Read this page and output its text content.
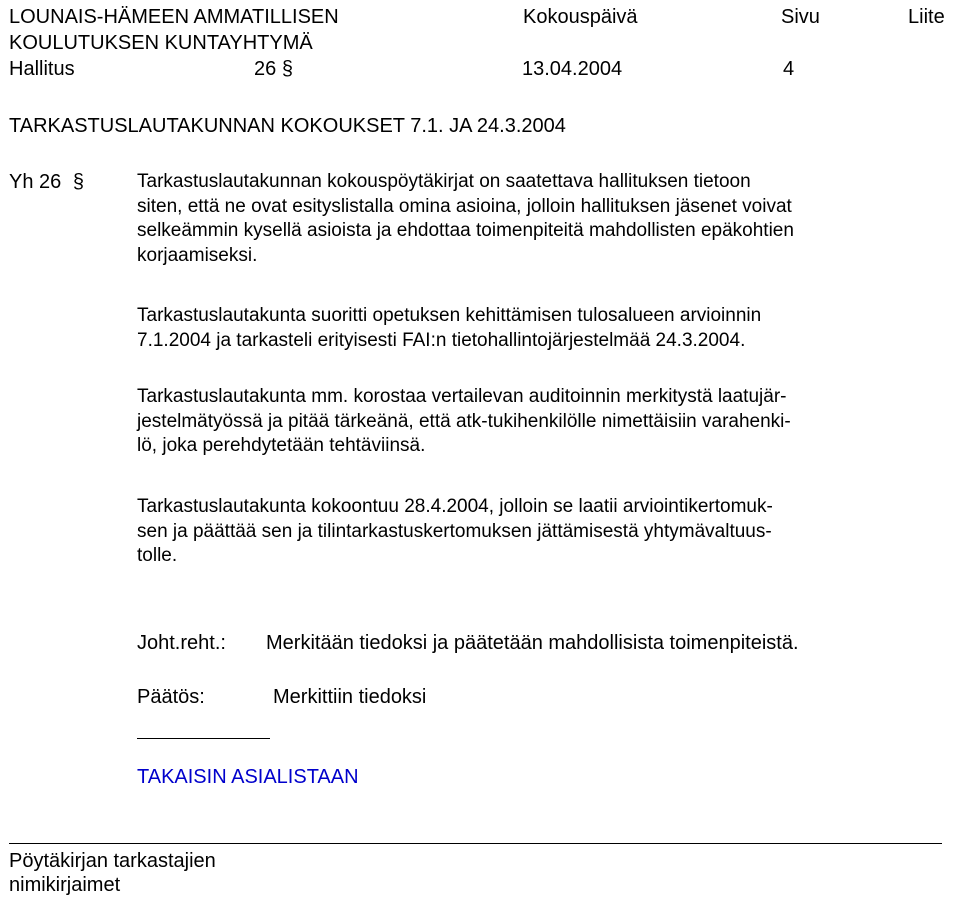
LOUNAIS-HÄMEEN AMMATILLISEN	Kokouspäivä	Sivu	Liite
KOULUTUKSEN KUNTAYHTYMÄ
Hallitus	26 §	13.04.2004	4
TARKASTUSLAUTAKUNNAN KOKOUKSET 7.1. JA 24.3.2004
Yh 26 §	Tarkastuslautakunnan kokouspöytäkirjat on saatettava hallituksen tietoon
siten, että ne ovat esityslistalla omina asioina, jolloin hallituksen jäsenet voivat
selkeämmin kysellä asioista ja ehdottaa toimenpiteitä mahdollisten epäkohtien
korjaamiseksi.
Tarkastuslautakunta suoritti opetuksen kehittämisen tulosalueen arvioinnin
7.1.2004 ja tarkasteli erityisesti FAI:n tietohallintojärjestelmää 24.3.2004.
Tarkastuslautakunta mm. korostaa vertailevan auditoinnin merkitystä laatujär-
jestelmätyössä ja pitää tärkeänä, että atk-tukihenkilölle nimettäisiin varahenki-
lö, joka perehdytetään tehtäviinsä.
Tarkastuslautakunta kokoontuu 28.4.2004, jolloin se laatii arviointikertomuk-
sen ja päättää sen ja tilintarkastuskertomuksen jättämisestä yhtymävaltuus-
tolle.
Joht.reht.: Merkitään tiedoksi ja päätetään mahdollisista toimenpiteistä.
Päätös:	Merkittiin tiedoksi
TAKAISIN ASIALISTAAN
Pöytäkirjan tarkastajien
nimikirjaimet
